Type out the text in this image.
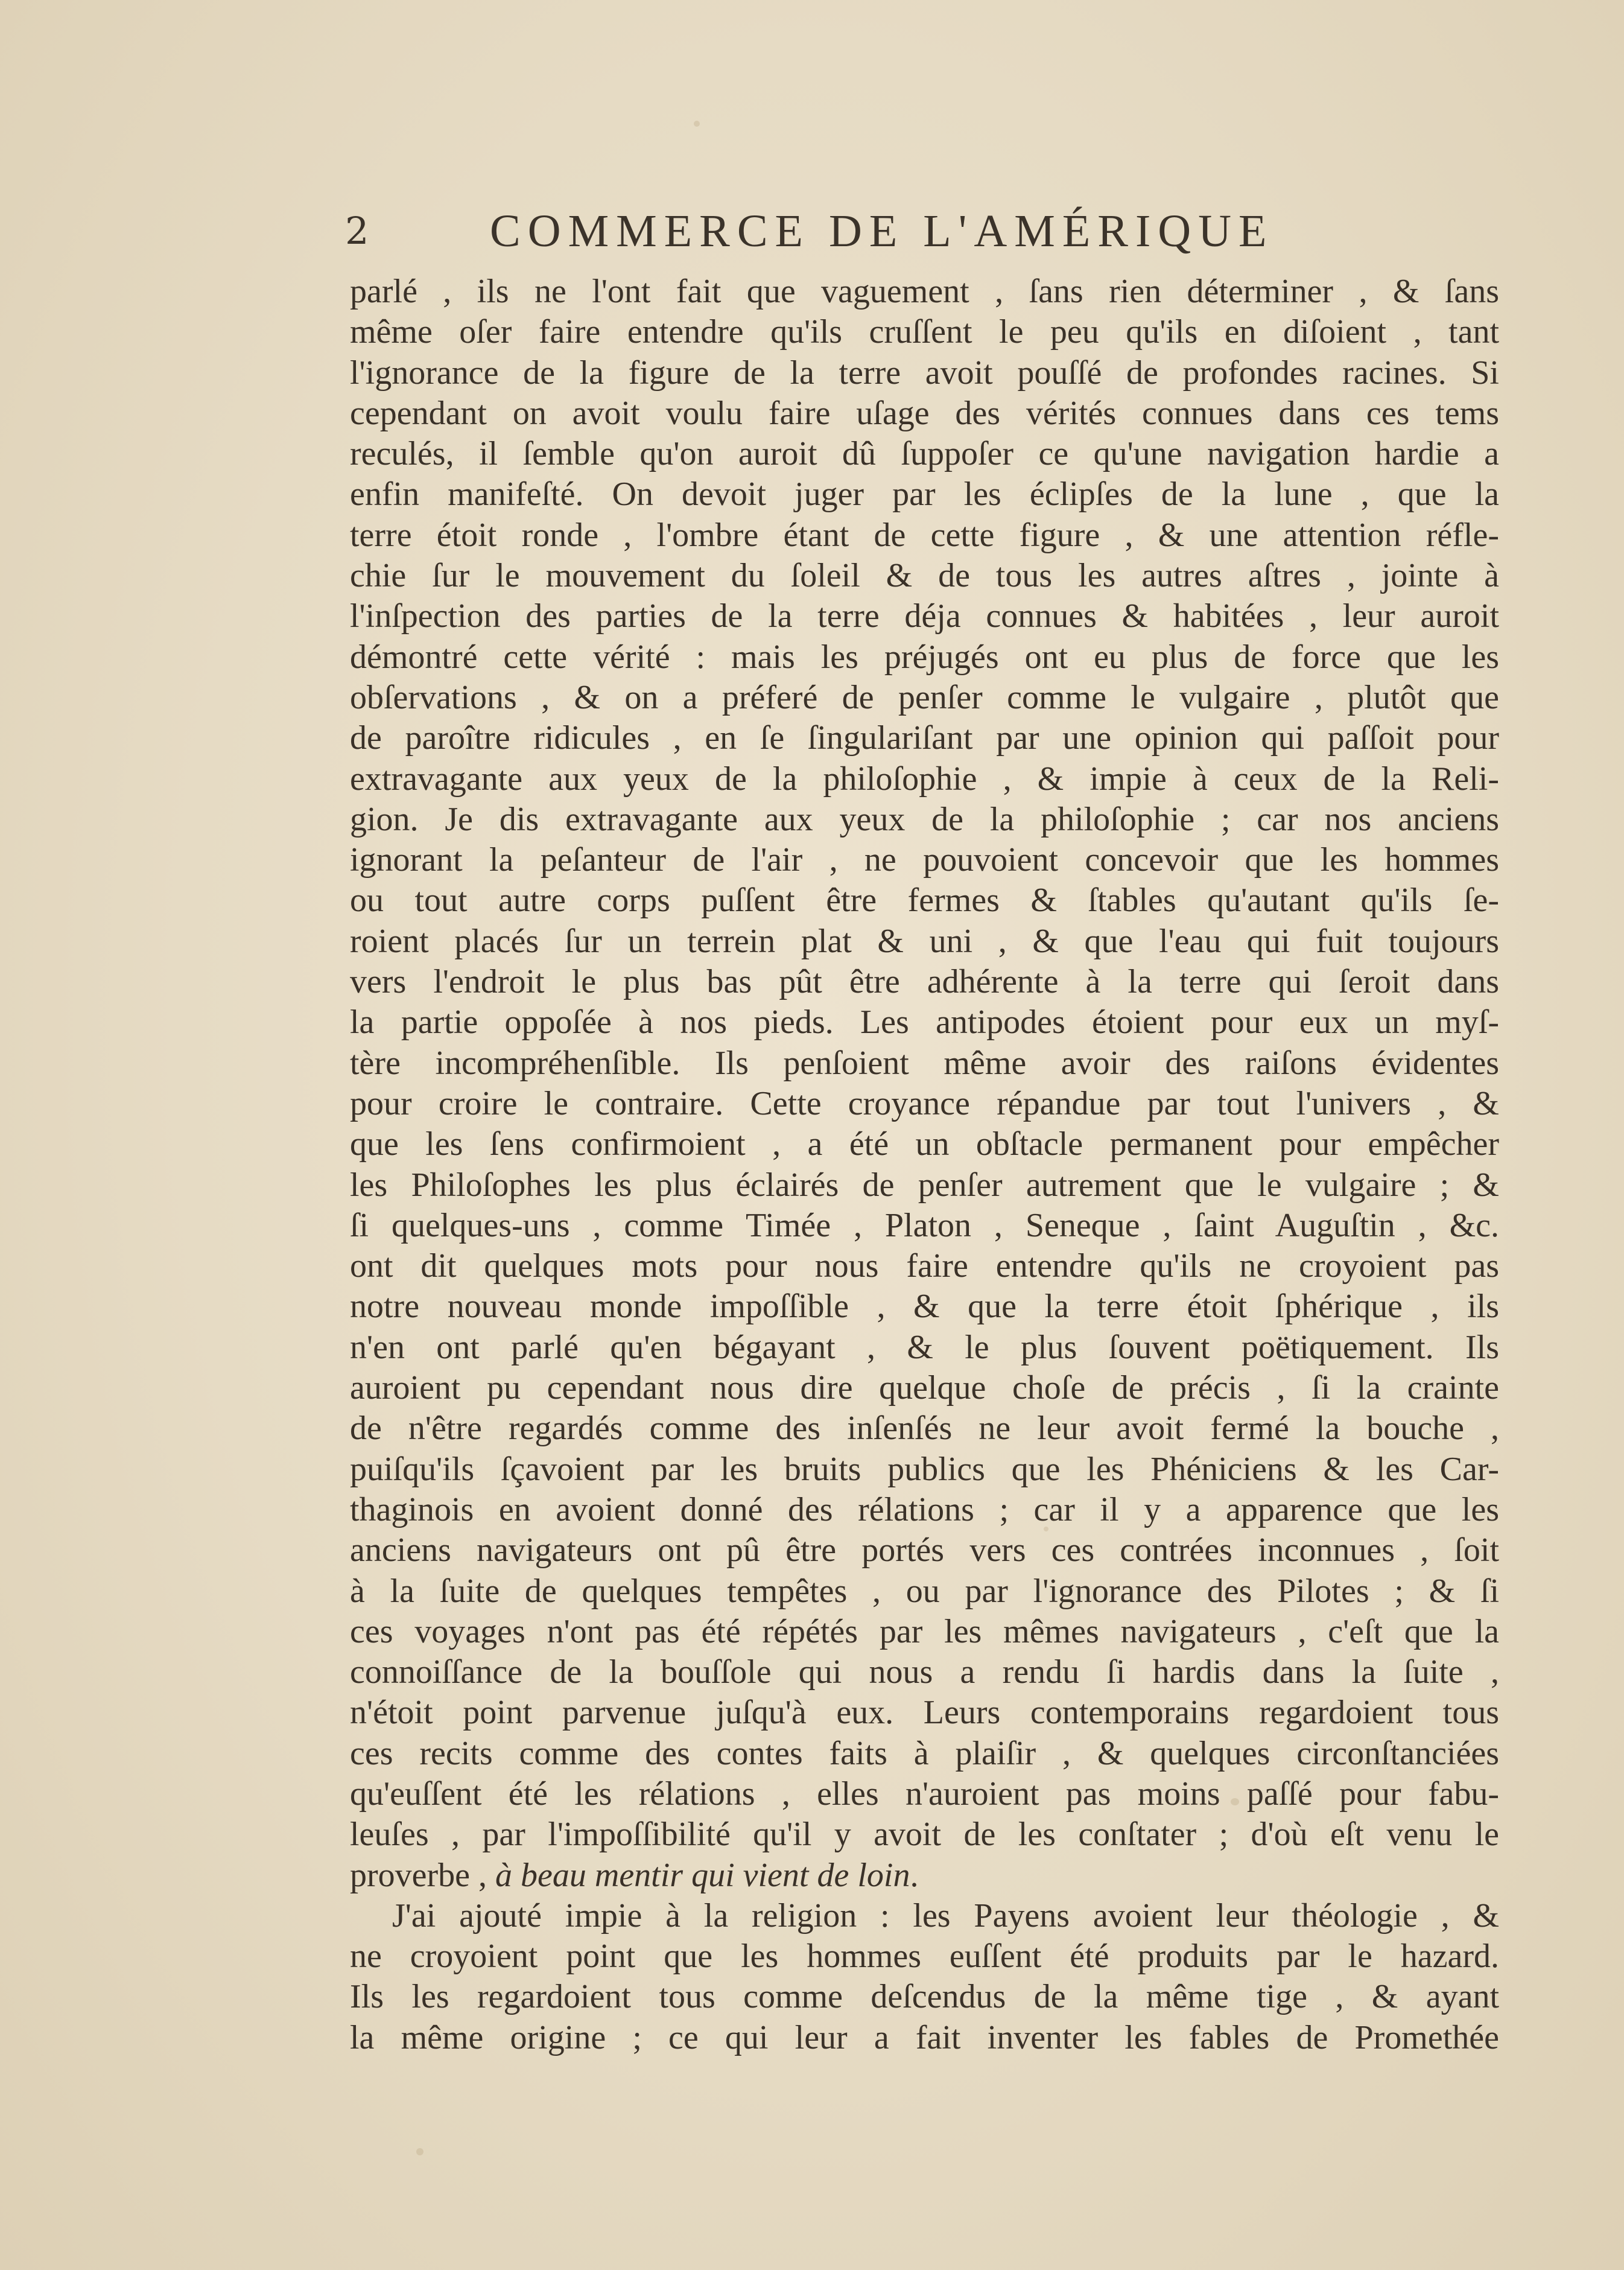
2	COMMERCE DE L'AMÉRIQUE
parlé , ils ne l'ont fait que vaguement , ſans rien déterminer , & ſans
même oſer faire entendre qu'ils cruſſent le peu qu'ils en diſoient , tant
l'ignorance de la figure de la terre avoit pouſſé de profondes racines. Si
cependant on avoit voulu faire uſage des vérités connues dans ces tems
reculés, il ſemble qu'on auroit dû ſuppoſer ce qu'une navigation hardie a
enfin manifeſté. On devoit juger par les éclipſes de la lune , que la
terre étoit ronde , l'ombre étant de cette figure , & une attention réfle-
chie ſur le mouvement du ſoleil & de tous les autres aſtres , jointe à
l'inſpection des parties de la terre déja connues & habitées , leur auroit
démontré cette vérité : mais les préjugés ont eu plus de force que les
obſervations , & on a préferé de penſer comme le vulgaire , plutôt que
de paroître ridicules , en ſe ſingulariſant par une opinion qui paſſoit pour
extravagante aux yeux de la philoſophie , & impie à ceux de la Reli-
gion. Je dis extravagante aux yeux de la philoſophie ; car nos anciens
ignorant la peſanteur de l'air , ne pouvoient concevoir que les hommes
ou tout autre corps puſſent être fermes & ſtables qu'autant qu'ils ſe-
roient placés ſur un terrein plat & uni , & que l'eau qui fuit toujours
vers l'endroit le plus bas pût être adhérente à la terre qui ſeroit dans
la partie oppoſée à nos pieds. Les antipodes étoient pour eux un myſ-
tère incompréhenſible. Ils penſoient même avoir des raiſons évidentes
pour croire le contraire. Cette croyance répandue par tout l'univers , &
que les ſens confirmoient , a été un obſtacle permanent pour empêcher
les Philoſophes les plus éclairés de penſer autrement que le vulgaire ; &
ſi quelques-uns , comme Timée , Platon , Seneque , ſaint Auguſtin , &c.
ont dit quelques mots pour nous faire entendre qu'ils ne croyoient pas
notre nouveau monde impoſſible , & que la terre étoit ſphérique , ils
n'en ont parlé qu'en bégayant , & le plus ſouvent poëtiquement. Ils
auroient pu cependant nous dire quelque choſe de précis , ſi la crainte
de n'être regardés comme des inſenſés ne leur avoit fermé la bouche ,
puiſqu'ils ſçavoient par les bruits publics que les Phéniciens & les Car-
thaginois en avoient donné des rélations ; car il y a apparence que les
anciens navigateurs ont pû être portés vers ces contrées inconnues , ſoit
à la ſuite de quelques tempêtes , ou par l'ignorance des Pilotes ; & ſi
ces voyages n'ont pas été répétés par les mêmes navigateurs , c'eſt que la
connoiſſance de la bouſſole qui nous a rendu ſi hardis dans la ſuite ,
n'étoit point parvenue juſqu'à eux. Leurs contemporains regardoient tous
ces recits comme des contes faits à plaiſir , & quelques circonſtanciées
qu'euſſent été les rélations , elles n'auroient pas moins paſſé pour fabu-
leuſes , par l'impoſſibilité qu'il y avoit de les conſtater ; d'où eſt venu le
proverbe , à beau mentir qui vient de loin.
J'ai ajouté impie à la religion : les Payens avoient leur théologie , &
ne croyoient point que les hommes euſſent été produits par le hazard.
Ils les regardoient tous comme deſcendus de la même tige , & ayant
la même origine ; ce qui leur a fait inventer les fables de Promethée
